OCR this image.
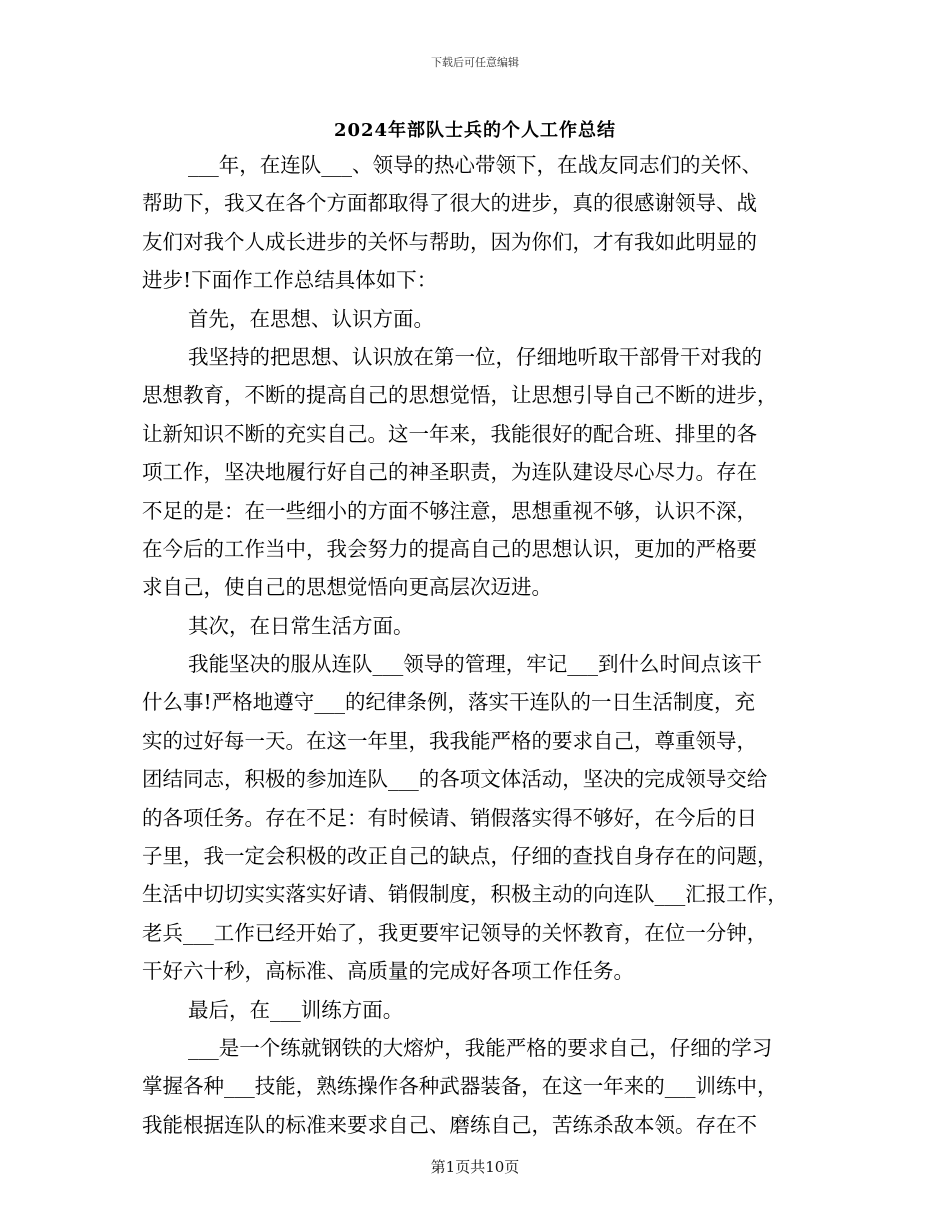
下载后可任意编辑
2024年部队士兵的个人工作总结
___年，在连队___、领导的热心带领下，在战友同志们的关怀、
帮助下，我又在各个方面都取得了很大的进步，真的很感谢领导、战
友们对我个人成长进步的关怀与帮助，因为你们，才有我如此明显的
进步!下面作工作总结具体如下：
首先，在思想、认识方面。
我坚持的把思想、认识放在第一位，仔细地听取干部骨干对我的
思想教育，不断的提高自己的思想觉悟，让思想引导自己不断的进步，
让新知识不断的充实自己。这一年来，我能很好的配合班、排里的各
项工作，坚决地履行好自己的神圣职责，为连队建设尽心尽力。存在
不足的是：在一些细小的方面不够注意，思想重视不够，认识不深，
在今后的工作当中，我会努力的提高自己的思想认识，更加的严格要
求自己，使自己的思想觉悟向更高层次迈进。
其次，在日常生活方面。
我能坚决的服从连队___领导的管理，牢记___到什么时间点该干
什么事!严格地遵守___的纪律条例，落实干连队的一日生活制度，充
实的过好每一天。在这一年里，我我能严格的要求自己，尊重领导，
团结同志，积极的参加连队___的各项文体活动，坚决的完成领导交给
的各项任务。存在不足：有时候请、销假落实得不够好，在今后的日
子里，我一定会积极的改正自己的缺点，仔细的查找自身存在的问题，
生活中切切实实落实好请、销假制度，积极主动的向连队___汇报工作，
老兵___工作已经开始了，我更要牢记领导的关怀教育，在位一分钟，
干好六十秒，高标准、高质量的完成好各项工作任务。
最后，在___训练方面。
___是一个练就钢铁的大熔炉，我能严格的要求自己，仔细的学习
掌握各种___技能，熟练操作各种武器装备，在这一年来的___训练中，
我能根据连队的标准来要求自己、磨练自己，苦练杀敌本领。存在不
第1页共10页
